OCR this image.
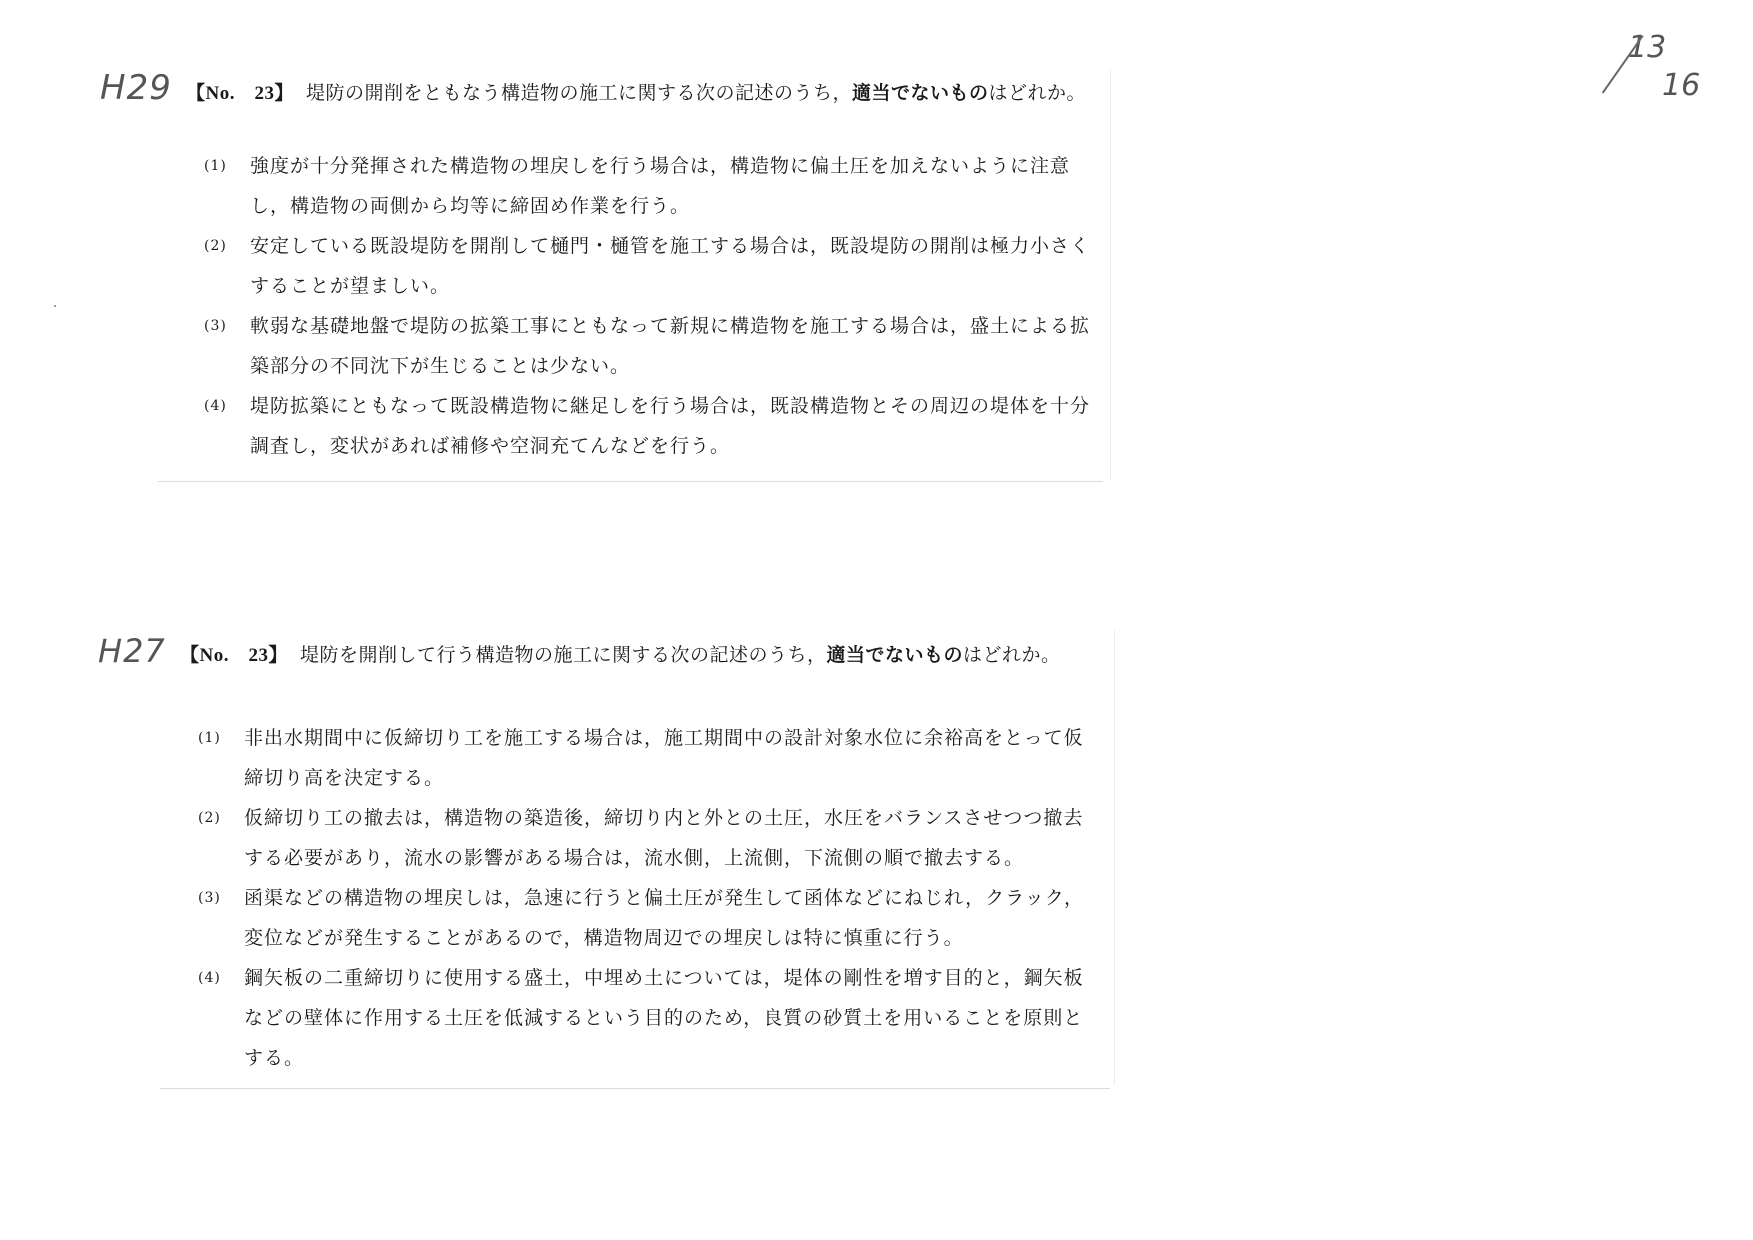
13
16
H29 【No.　23】 堤防の開削をともなう構造物の施工に関する次の記述のうち，適当でないものはどれか。
(1) 強度が十分発揮された構造物の埋戻しを行う場合は，構造物に偏土圧を加えないように注意し，構造物の両側から均等に締固め作業を行う。
(2) 安定している既設堤防を開削して樋門・樋管を施工する場合は，既設堤防の開削は極力小さくすることが望ましい。
(3) 軟弱な基礎地盤で堤防の拡築工事にともなって新規に構造物を施工する場合は，盛土による拡築部分の不同沈下が生じることは少ない。
(4) 堤防拡築にともなって既設構造物に継足しを行う場合は，既設構造物とその周辺の堤体を十分調査し，変状があれば補修や空洞充てんなどを行う。
H27 【No.　23】 堤防を開削して行う構造物の施工に関する次の記述のうち，適当でないものはどれか。
(1) 非出水期間中に仮締切り工を施工する場合は，施工期間中の設計対象水位に余裕高をとって仮締切り高を決定する。
(2) 仮締切り工の撤去は，構造物の築造後，締切り内と外との土圧，水圧をバランスさせつつ撤去する必要があり，流水の影響がある場合は，流水側，上流側，下流側の順で撤去する。
(3) 函渠などの構造物の埋戻しは，急速に行うと偏土圧が発生して函体などにねじれ，クラック，変位などが発生することがあるので，構造物周辺での埋戻しは特に慎重に行う。
(4) 鋼矢板の二重締切りに使用する盛土，中埋め土については，堤体の剛性を増す目的と，鋼矢板などの壁体に作用する土圧を低減するという目的のため，良質の砂質土を用いることを原則とする。
